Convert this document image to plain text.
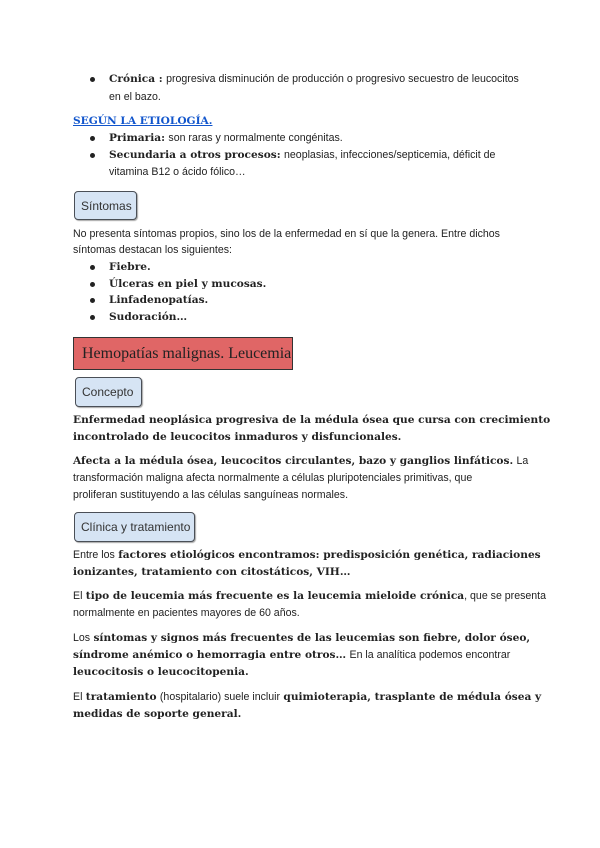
Crónica : progresiva disminución de producción o progresivo secuestro de leucocitos
en el bazo.
SEGÚN LA ETIOLOGÍA.
Primaria: son raras y normalmente congénitas.
Secundaria a otros procesos: neoplasias, infecciones/septicemia, déficit de
vitamina B12 o ácido fólico…
Síntomas
No presenta síntomas propios, sino los de la enfermedad en sí que la genera. Entre dichos
síntomas destacan los siguientes:
Fiebre.
Úlceras en piel y mucosas.
Linfadenopatías.
Sudoración…
Hemopatías malignas. Leucemia
Concepto
Enfermedad neoplásica progresiva de la médula ósea que cursa con crecimiento
incontrolado de leucocitos inmaduros y disfuncionales.
Afecta a la médula ósea, leucocitos circulantes, bazo y ganglios linfáticos. La
transformación maligna afecta normalmente a células pluripotenciales primitivas, que
proliferan sustituyendo a las células sanguíneas normales.
Clínica y tratamiento
Entre los factores etiológicos encontramos: predisposición genética, radiaciones
ionizantes, tratamiento con citostáticos, VIH…
El tipo de leucemia más frecuente es la leucemia mieloide crónica, que se presenta
normalmente en pacientes mayores de 60 años.
Los síntomas y signos más frecuentes de las leucemias son fiebre, dolor óseo,
síndrome anémico o hemorragia entre otros… En la analítica podemos encontrar
leucocitosis o leucocitopenia.
El tratamiento (hospitalario) suele incluir quimioterapia, trasplante de médula ósea y
medidas de soporte general.
